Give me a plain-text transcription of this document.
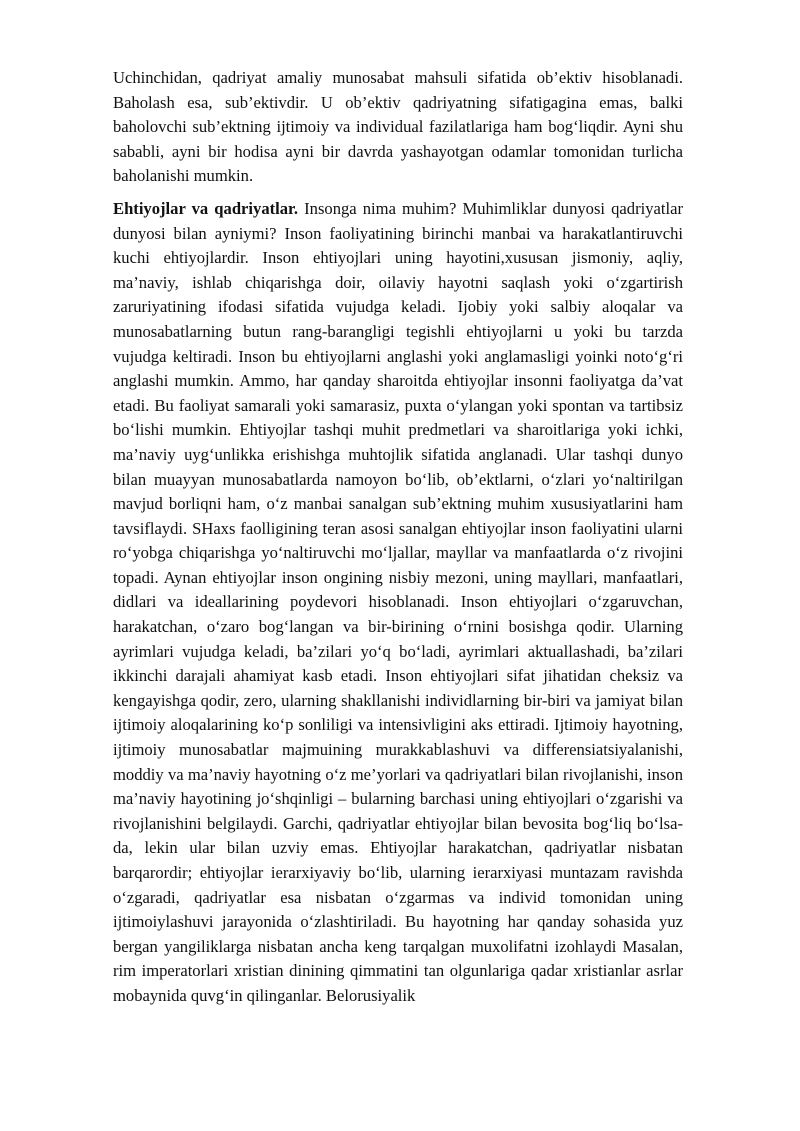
Uchinchidan, qadriyat amaliy munosabat mahsuli sifatida ob’ektiv hisoblanadi. Baholash esa, sub’ektivdir. U ob’ektiv qadriyatning sifatigagina emas, balki baholovchi sub’ektning ijtimoiy va individual fazilatlariga ham bog‘liqdir. Ayni shu sababli, ayni bir hodisa ayni bir davrda yashayotgan odamlar tomonidan turlicha baholanishi mumkin.

Ehtiyojlar va qadriyatlar. Insonga nima muhim? Muhimliklar dunyosi qadriyatlar dunyosi bilan ayniymi? Inson faoliyatining birinchi manbai va harakatlantiruvchi kuchi ehtiyojlardir. Inson ehtiyojlari uning hayotini,xususan jismoniy, aqliy, ma’naviy, ishlab chiqarishga doir, oilaviy hayotni saqlash yoki o‘zgartirish zaruriyatining ifodasi sifatida vujudga keladi. Ijobiy yoki salbiy aloqalar va munosabatlarning butun rang-barangligi tegishli ehtiyojlarni u yoki bu tarzda vujudga keltiradi. Inson bu ehtiyojlarni anglashi yoki anglamasligi yoinki noto‘g‘ri anglashi mumkin. Ammo, har qanday sharoitda ehtiyojlar insonni faoliyatga da’vat etadi. Bu faoliyat samarali yoki samarasiz, puxta o‘ylangan yoki spontan va tartibsiz bo‘lishi mumkin. Ehtiyojlar tashqi muhit predmetlari va sharoitlariga yoki ichki, ma’naviy uyg‘unlikka erishishga muhtojlik sifatida anglanadi. Ular tashqi dunyo bilan muayyan munosabatlarda namoyon bo‘lib, ob’ektlarni, o‘zlari yo‘naltirilgan mavjud borliqni ham, o‘z manbai sanalgan sub’ektning muhim xususiyatlarini ham tavsiflaydi. SHaxs faolligining teran asosi sanalgan ehtiyojlar inson faoliyatini ularni ro‘yobga chiqarishga yo‘naltiruvchi mo‘ljallar, mayllar va manfaatlarda o‘z rivojini topadi. Aynan ehtiyojlar inson ongining nisbiy mezoni, uning mayllari, manfaatlari, didlari va ideallarining poydevori hisoblanadi. Inson ehtiyojlari o‘zgaruvchan, harakatchan, o‘zaro bog‘langan va bir-birining o‘rnini bosishga qodir. Ularning ayrimlari vujudga keladi, ba’zilari yo‘q bo‘ladi, ayrimlari aktuallashadi, ba’zilari ikkinchi darajali ahamiyat kasb etadi. Inson ehtiyojlari sifat jihatidan cheksiz va kengayishga qodir, zero, ularning shakllanishi individlarning bir-biri va jamiyat bilan ijtimoiy aloqalarining ko‘p sonliligi va intensivligini aks ettiradi. Ijtimoiy hayotning, ijtimoiy munosabatlar majmuining murakkablashuvi va differensiatsiyalanishi, moddiy va ma’naviy hayotning o‘z me’yorlari va qadriyatlari bilan rivojlanishi, inson ma’naviy hayotining jo‘shqinligi – bularning barchasi uning ehtiyojlari o‘zgarishi va rivojlanishini belgilaydi. Garchi, qadriyatlar ehtiyojlar bilan bevosita bog‘liq bo‘lsa-da, lekin ular bilan uzviy emas. Ehtiyojlar harakatchan, qadriyatlar nisbatan barqarordir; ehtiyojlar ierarxiyaviy bo‘lib, ularning ierarxiyasi muntazam ravishda o‘zgaradi, qadriyatlar esa nisbatan o‘zgarmas va individ tomonidan uning ijtimoiylashuvi jarayonida o‘zlashtiriladi. Bu hayotning har qanday sohasida yuz bergan yangiliklarga nisbatan ancha keng tarqalgan muxolifatni izohlaydi Masalan, rim imperatorlari xristian dinining qimmatini tan olgunlariga qadar xristianlar asrlar mobaynida quvg‘in qilinganlar. Belorusiyalik
